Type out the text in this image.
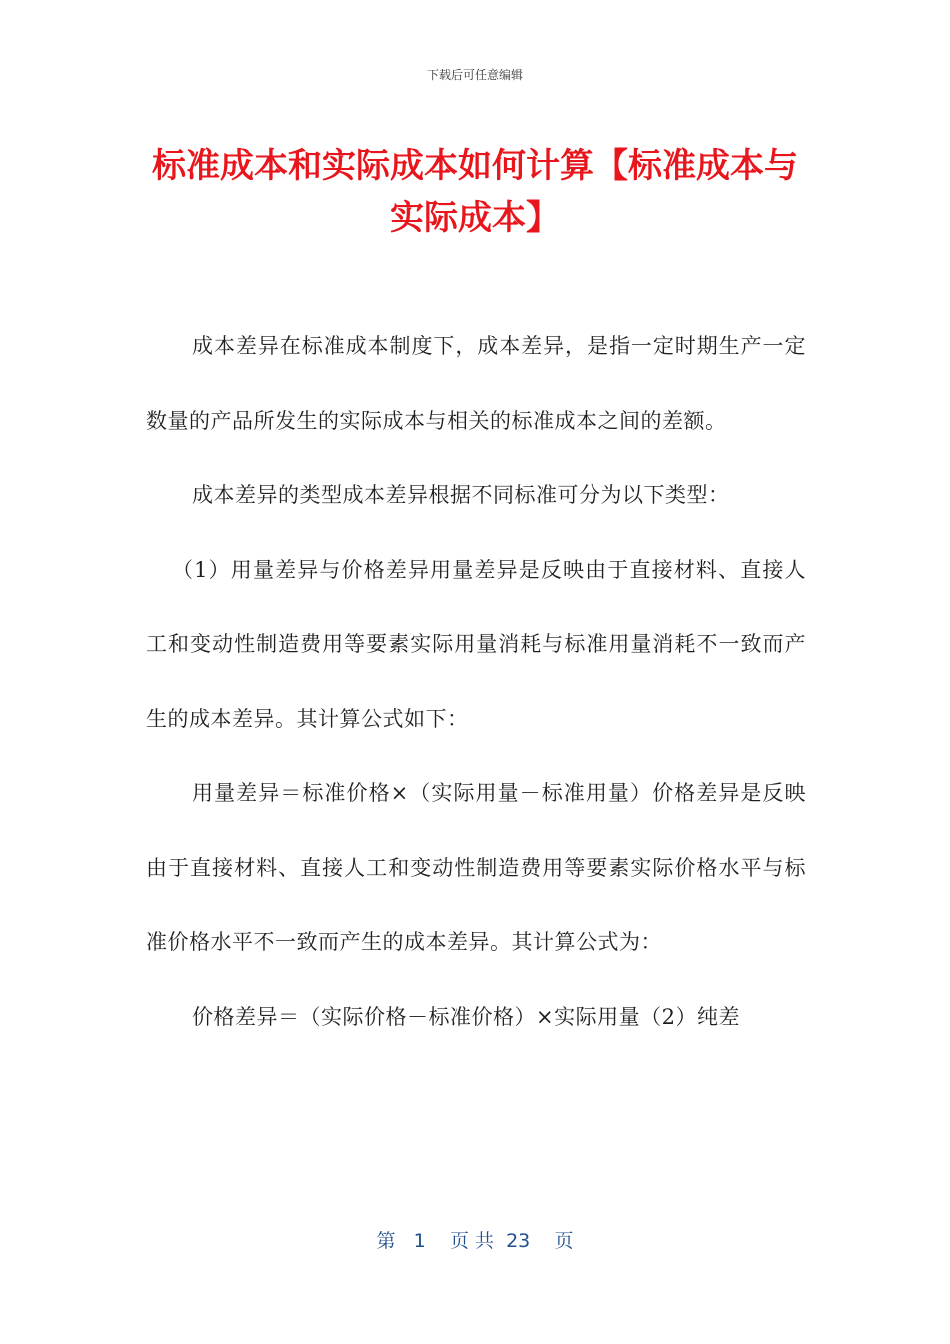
下载后可任意编辑
标准成本和实际成本如何计算【标准成本与实际成本】

成本差异在标准成本制度下，成本差异，是指一定时期生产一定数量的产品所发生的实际成本与相关的标准成本之间的差额。

成本差异的类型成本差异根据不同标准可分为以下类型：

（1）用量差异与价格差异用量差异是反映由于直接材料、直接人工和变动性制造费用等要素实际用量消耗与标准用量消耗不一致而产生的成本差异。其计算公式如下：

用量差异＝标准价格×（实际用量－标准用量）价格差异是反映由于直接材料、直接人工和变动性制造费用等要素实际价格水平与标准价格水平不一致而产生的成本差异。其计算公式为：

价格差异＝（实际价格－标准价格）×实际用量（2）纯差

第 1 页 共 23 页
